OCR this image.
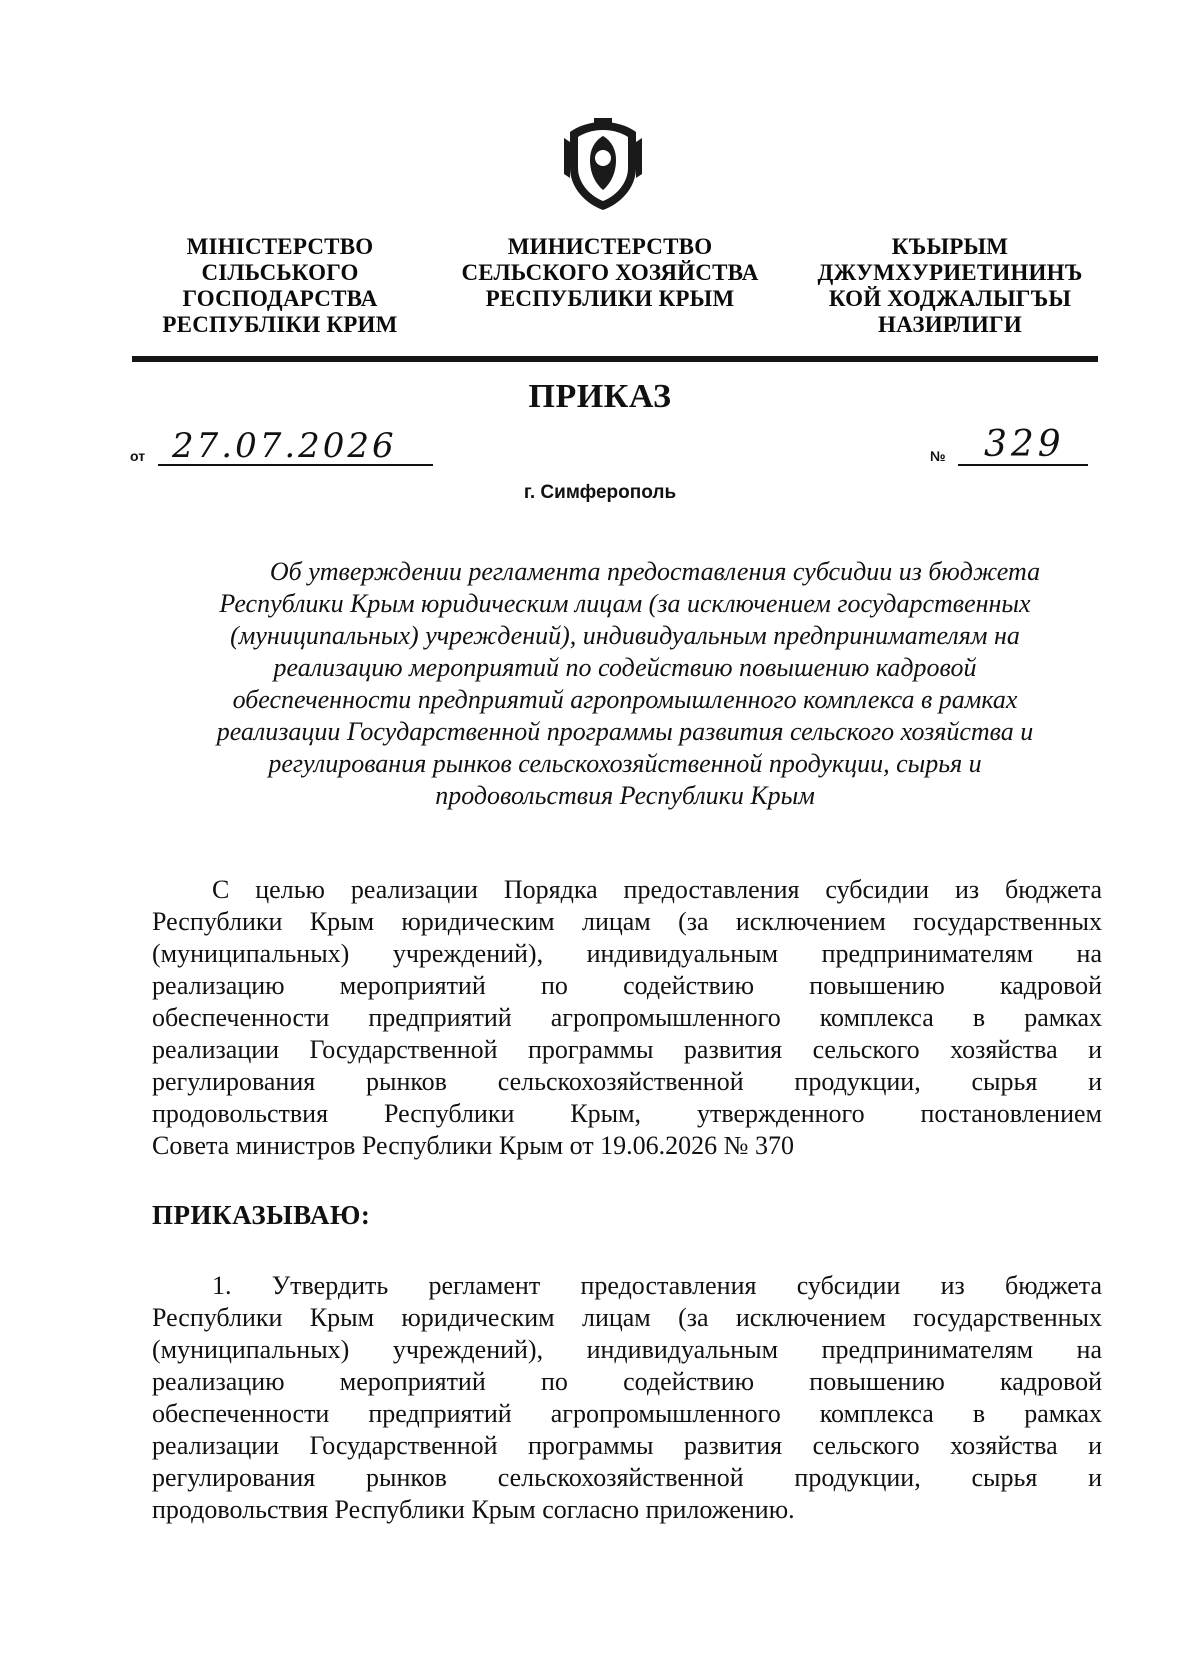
МІНІСТЕРСТВО
СІЛЬСЬКОГО
ГОСПОДАРСТВА
РЕСПУБЛІКИ КРИМ
МИНИСТЕРСТВО
СЕЛЬСКОГО ХОЗЯЙСТВА
РЕСПУБЛИКИ КРЫМ
КЪЫРЫМ
ДЖУМХУРИЕТИНИНЪ
КОЙ ХОДЖАЛЫГЪЫ
НАЗИРЛИГИ
ПРИКАЗ
от 27.07.2026	№ 329
г. Симферополь
Об утверждении регламента предоставления субсидии из бюджета
Республики Крым юридическим лицам (за исключением государственных
(муниципальных) учреждений), индивидуальным предпринимателям на
реализацию мероприятий по содействию повышению кадровой
обеспеченности предприятий агропромышленного комплекса в рамках
реализации Государственной программы развития сельского хозяйства и
регулирования рынков сельскохозяйственной продукции, сырья и
продовольствия Республики Крым
С целью реализации Порядка предоставления субсидии из бюджета
Республики Крым юридическим лицам (за исключением государственных
(муниципальных) учреждений), индивидуальным предпринимателям на
реализацию мероприятий по содействию повышению кадровой
обеспеченности предприятий агропромышленного комплекса в рамках
реализации Государственной программы развития сельского хозяйства и
регулирования рынков сельскохозяйственной продукции, сырья и
продовольствия Республики Крым, утвержденного постановлением
Совета министров Республики Крым от 19.06.2026 № 370
ПРИКАЗЫВАЮ:
1. Утвердить регламент предоставления субсидии из бюджета
Республики Крым юридическим лицам (за исключением государственных
(муниципальных) учреждений), индивидуальным предпринимателям на
реализацию мероприятий по содействию повышению кадровой
обеспеченности предприятий агропромышленного комплекса в рамках
реализации Государственной программы развития сельского хозяйства и
регулирования рынков сельскохозяйственной продукции, сырья и
продовольствия Республики Крым согласно приложению.
